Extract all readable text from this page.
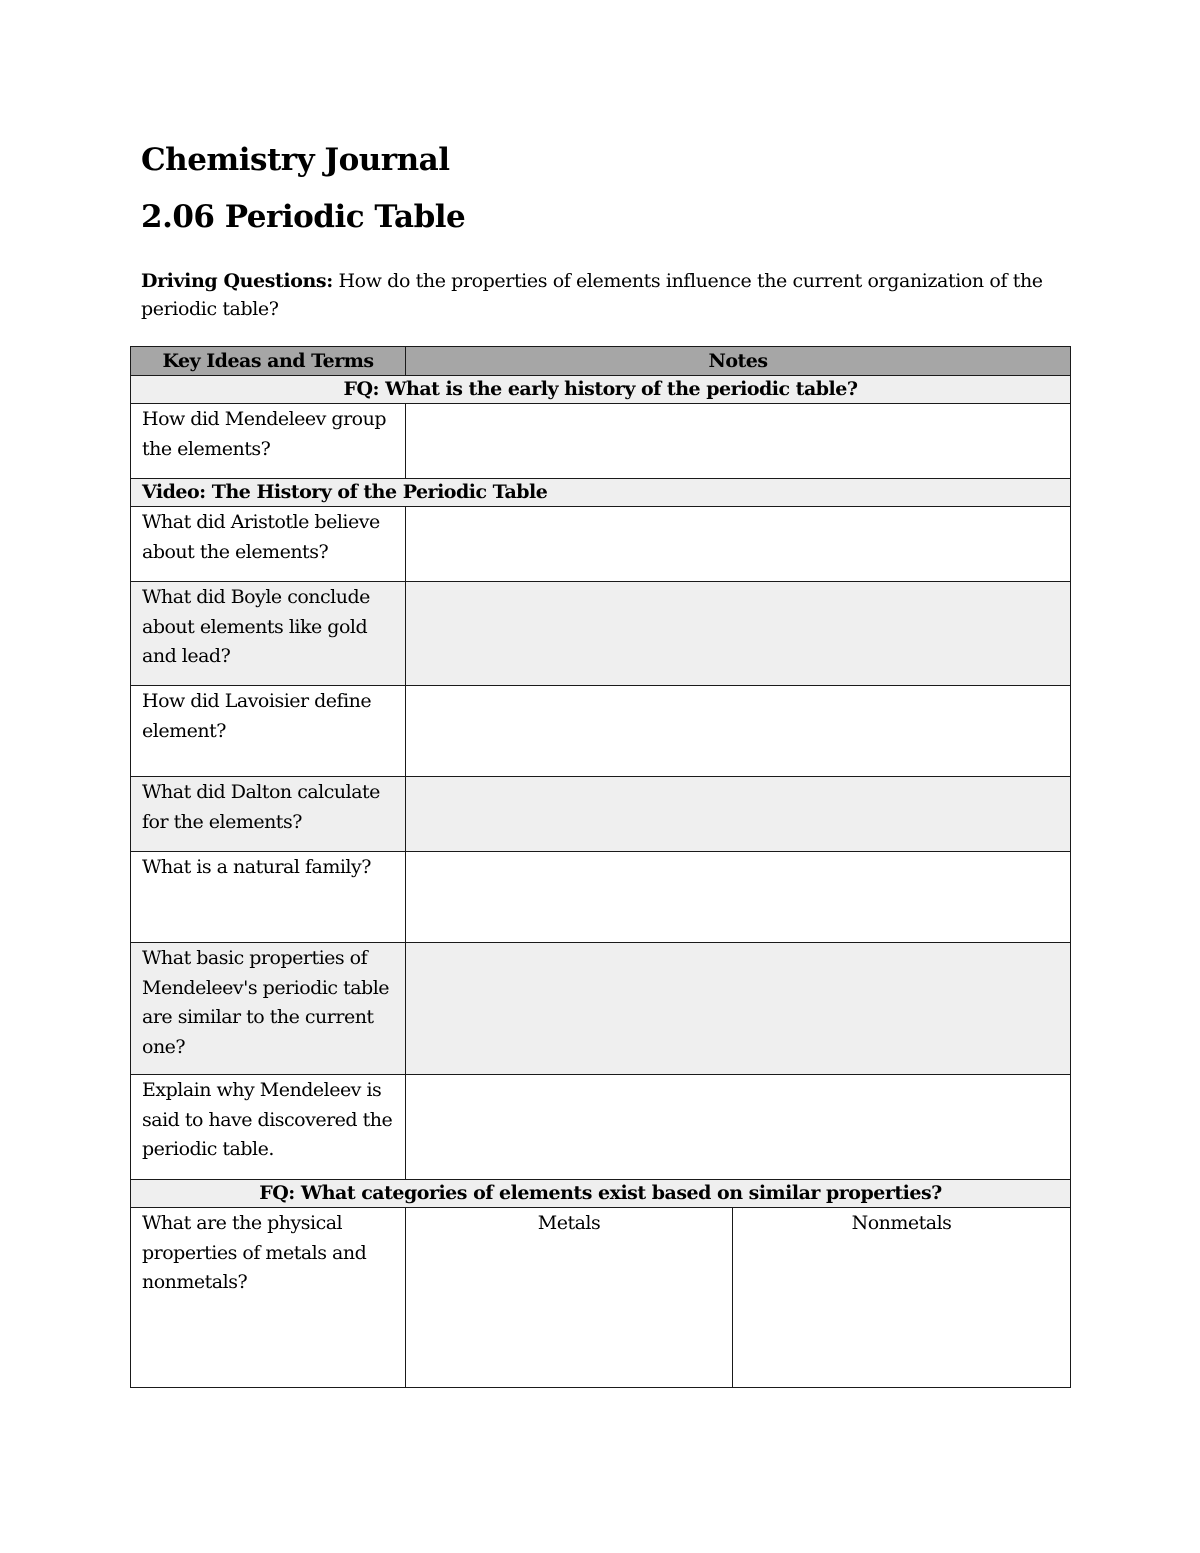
Chemistry Journal
2.06 Periodic Table
Driving Questions: How do the properties of elements influence the current organization of the periodic table?
Key Ideas and Terms	Notes	
FQ: What is the early history of the periodic table?		
How did Mendeleev group the elements?		
Video: The History of the Periodic Table		
What did Aristotle believe about the elements?		
What did Boyle conclude about elements like gold and lead?		
How did Lavoisier define element?		
What did Dalton calculate for the elements?		
What is a natural family?		
What basic properties of Mendeleev's periodic table are similar to the current one?		
Explain why Mendeleev is said to have discovered the periodic table.		
FQ: What categories of elements exist based on similar properties?		
What are the physical properties of metals and nonmetals?	Metals	Nonmetals
